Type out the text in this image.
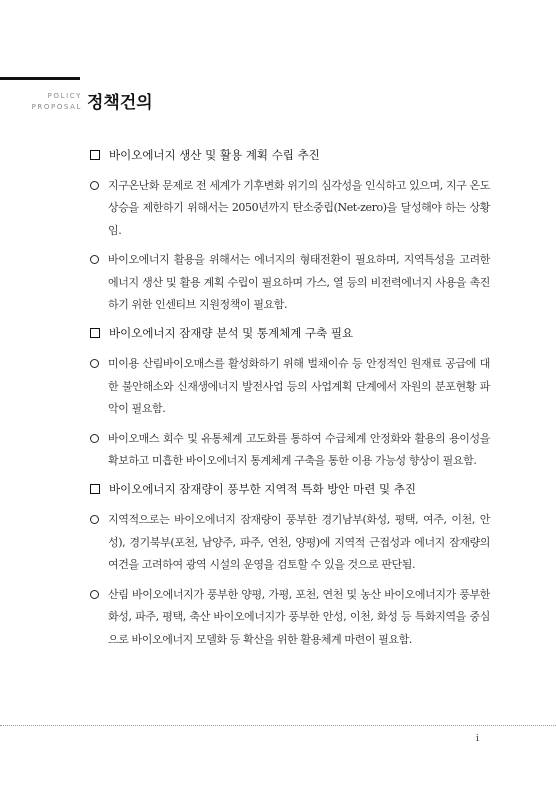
POLICY
PROPOSAL 정책건의
바이오에너지 생산 및 활용 계획 수립 추진
지구온난화 문제로 전 세계가 기후변화 위기의 심각성을 인식하고 있으며, 지구 온도 상승을 제한하기 위해서는 2050년까지 탄소중립(Net-zero)을 달성해야 하는 상황임.
바이오에너지 활용을 위해서는 에너지의 형태전환이 필요하며, 지역특성을 고려한 에너지 생산 및 활용 계획 수립이 필요하며 가스, 열 등의 비전력에너지 사용을 촉진하기 위한 인센티브 지원정책이 필요함.
바이오에너지 잠재량 분석 및 통계체계 구축 필요
미이용 산림바이오매스를 활성화하기 위해 벌채이슈 등 안정적인 원재료 공급에 대한 불안해소와 신재생에너지 발전사업 등의 사업계획 단계에서 자원의 분포현황 파악이 필요함.
바이오매스 회수 및 유통체계 고도화를 통하여 수급체계 안정화와 활용의 용이성을 확보하고 미흡한 바이오에너지 통계체계 구축을 통한 이용 가능성 향상이 필요함.
바이오에너지 잠재량이 풍부한 지역적 특화 방안 마련 및 추진
지역적으로는 바이오에너지 잠재량이 풍부한 경기남부(화성, 평택, 여주, 이천, 안성), 경기북부(포천, 남양주, 파주, 연천, 양평)에 지역적 근접성과 에너지 잠재량의 여건을 고려하여 광역 시설의 운영을 검토할 수 있을 것으로 판단됨.
산림 바이오에너지가 풍부한 양평, 가평, 포천, 연천 및 농산 바이오에너지가 풍부한 화성, 파주, 평택, 축산 바이오에너지가 풍부한 안성, 이천, 화성 등 특화지역을 중심으로 바이오에너지 모델화 등 확산을 위한 활용체계 마련이 필요함.
i
